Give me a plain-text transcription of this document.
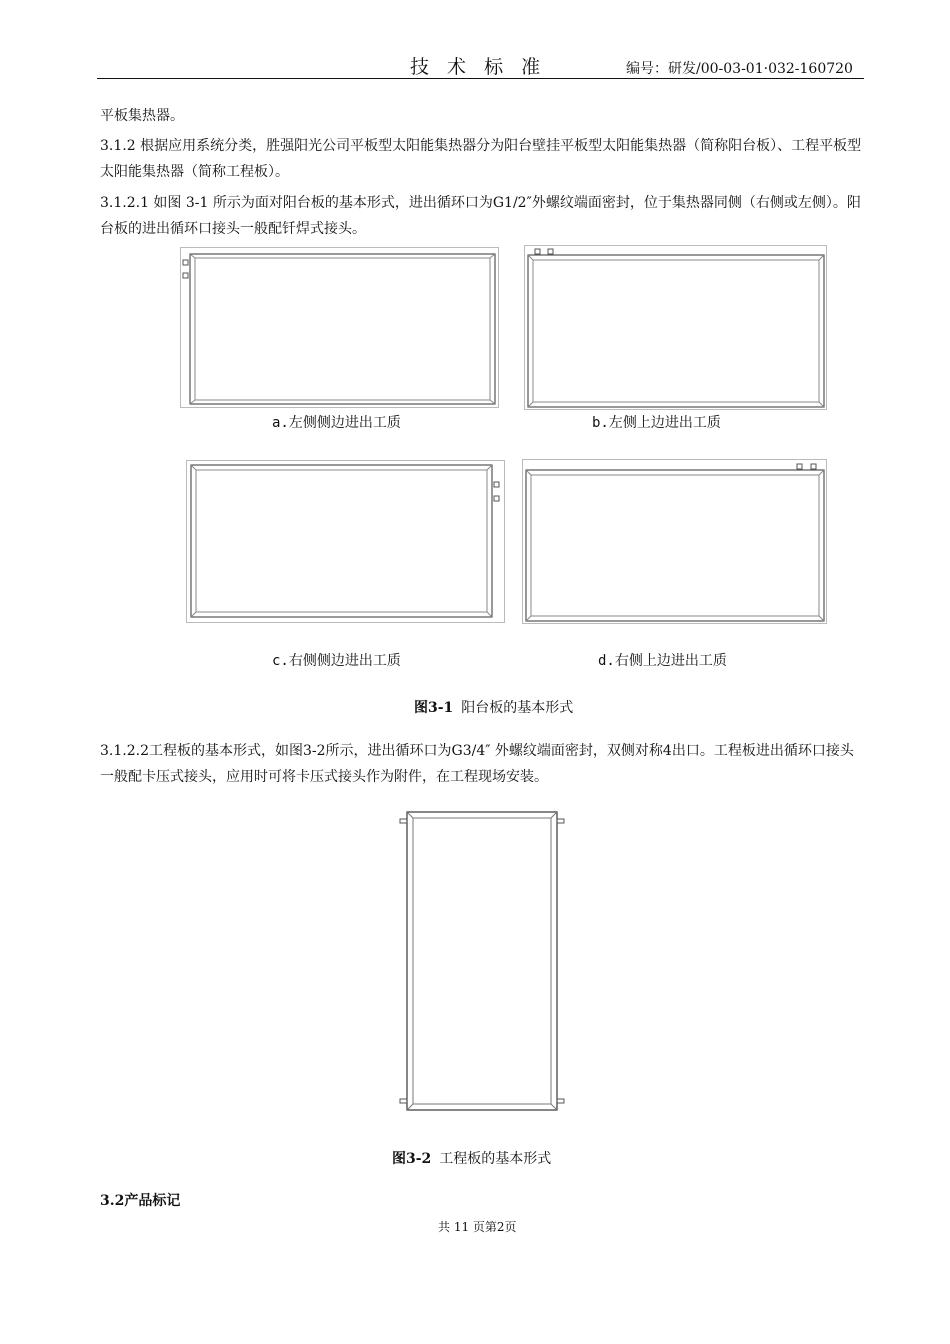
技 术 标 准	编号：研发/00-03-01·032-160720
平板集热器。
3.1.2 根据应用系统分类，胜强阳光公司平板型太阳能集热器分为阳台壁挂平板型太阳能集热器（简称阳台板）、工程平板型太阳能集热器（简称工程板）。
3.1.2.1 如图 3-1 所示为面对阳台板的基本形式，进出循环口为G1/2″外螺纹端面密封，位于集热器同侧（右侧或左侧）。阳台板的进出循环口接头一般配钎焊式接头。
a.左侧侧边进出工质	b.左侧上边进出工质
c.右侧侧边进出工质	d.右侧上边进出工质
图3-1 阳台板的基本形式
3.1.2.2工程板的基本形式，如图3-2所示，进出循环口为G3/4″ 外螺纹端面密封，双侧对称4出口。工程板进出循环口接头一般配卡压式接头，应用时可将卡压式接头作为附件，在工程现场安装。
图3-2 工程板的基本形式
3.2产品标记
共 11 页第2页
